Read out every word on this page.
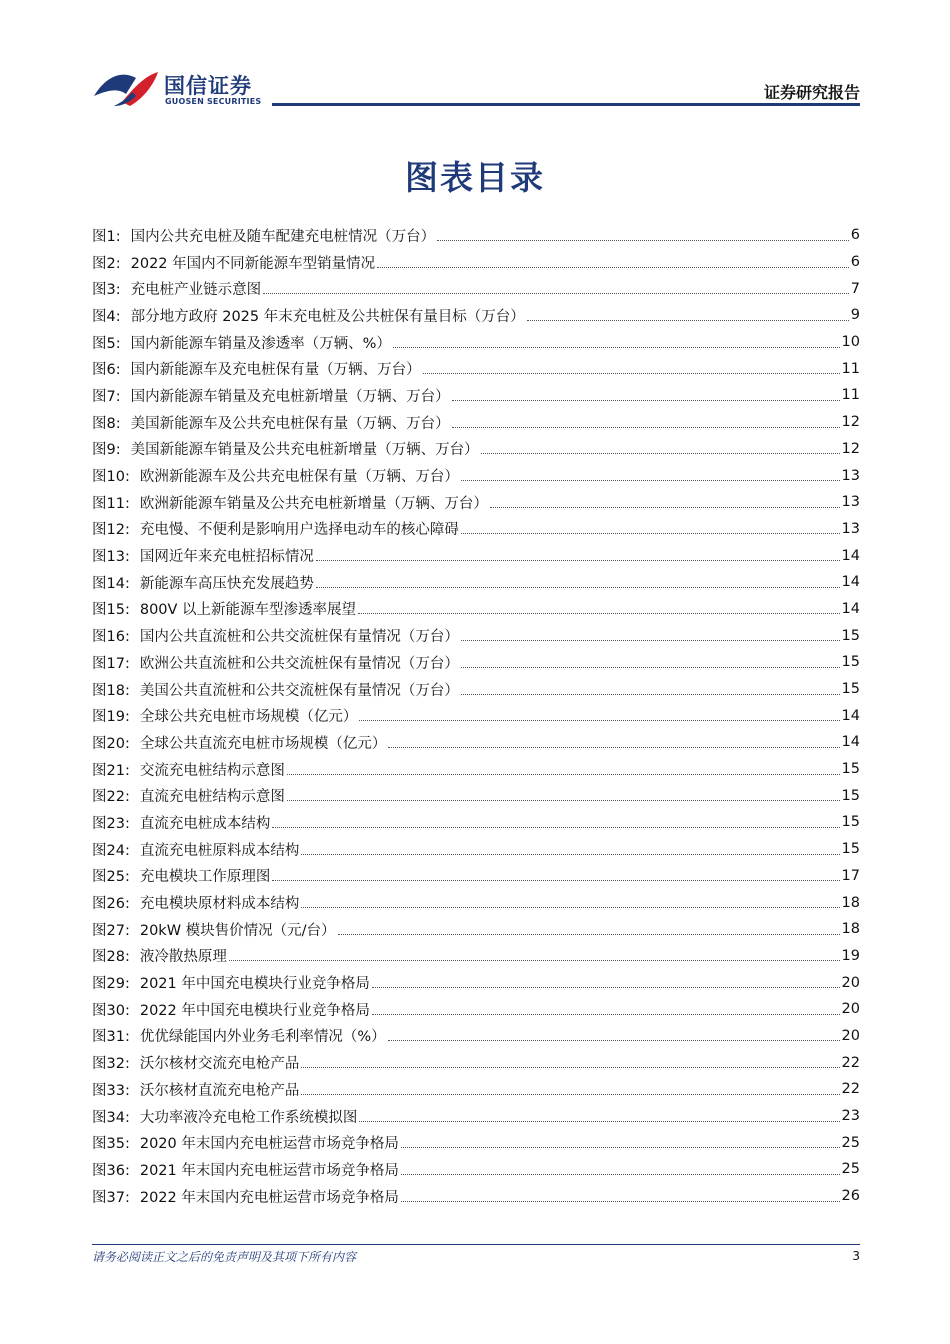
国信证券
GUOSEN SECURITIES	证券研究报告
图表目录
图1: 国内公共充电桩及随车配建充电桩情况（万台）	6
图2: 2022 年国内不同新能源车型销量情况	6
图3: 充电桩产业链示意图	7
图4: 部分地方政府 2025 年末充电桩及公共桩保有量目标（万台）	9
图5: 国内新能源车销量及渗透率（万辆、%）	10
图6: 国内新能源车及充电桩保有量（万辆、万台）	11
图7: 国内新能源车销量及充电桩新增量（万辆、万台）	11
图8: 美国新能源车及公共充电桩保有量（万辆、万台）	12
图9: 美国新能源车销量及公共充电桩新增量（万辆、万台）	12
图10: 欧洲新能源车及公共充电桩保有量（万辆、万台）	13
图11: 欧洲新能源车销量及公共充电桩新增量（万辆、万台）	13
图12: 充电慢、不便利是影响用户选择电动车的核心障碍	13
图13: 国网近年来充电桩招标情况	14
图14: 新能源车高压快充发展趋势	14
图15: 800V 以上新能源车型渗透率展望	14
图16: 国内公共直流桩和公共交流桩保有量情况（万台）	15
图17: 欧洲公共直流桩和公共交流桩保有量情况（万台）	15
图18: 美国公共直流桩和公共交流桩保有量情况（万台）	15
图19: 全球公共充电桩市场规模（亿元）	14
图20: 全球公共直流充电桩市场规模（亿元）	14
图21: 交流充电桩结构示意图	15
图22: 直流充电桩结构示意图	15
图23: 直流充电桩成本结构	15
图24: 直流充电桩原料成本结构	15
图25: 充电模块工作原理图	17
图26: 充电模块原材料成本结构	18
图27: 20kW 模块售价情况（元/台）	18
图28: 液冷散热原理	19
图29: 2021 年中国充电模块行业竞争格局	20
图30: 2022 年中国充电模块行业竞争格局	20
图31: 优优绿能国内外业务毛利率情况（%）	20
图32: 沃尔核材交流充电枪产品	22
图33: 沃尔核材直流充电枪产品	22
图34: 大功率液冷充电枪工作系统模拟图	23
图35: 2020 年末国内充电桩运营市场竞争格局	25
图36: 2021 年末国内充电桩运营市场竞争格局	25
图37: 2022 年末国内充电桩运营市场竞争格局	26
请务必阅读正文之后的免责声明及其项下所有内容	3
